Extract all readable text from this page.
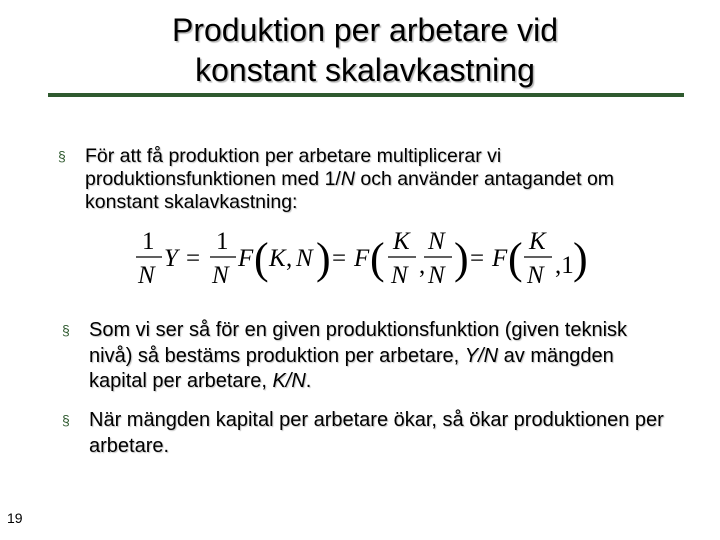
Produktion per arbetare vid
konstant skalavkastning
§ För att få produktion per arbetare multiplicerar vi produktionsfunktionen med 1/N och använder antagandet om konstant skalavkastning:
1
N
Y =
1
N
F ( K , N ) = F ( K
N ,
N
N ) = F ( K
N ,1 )
§ Som vi ser så för en given produktionsfunktion (given teknisk nivå) så bestäms produktion per arbetare, Y/N av mängden kapital per arbetare, K/N.
§ När mängden kapital per arbetare ökar, så ökar produktionen per arbetare.
19
